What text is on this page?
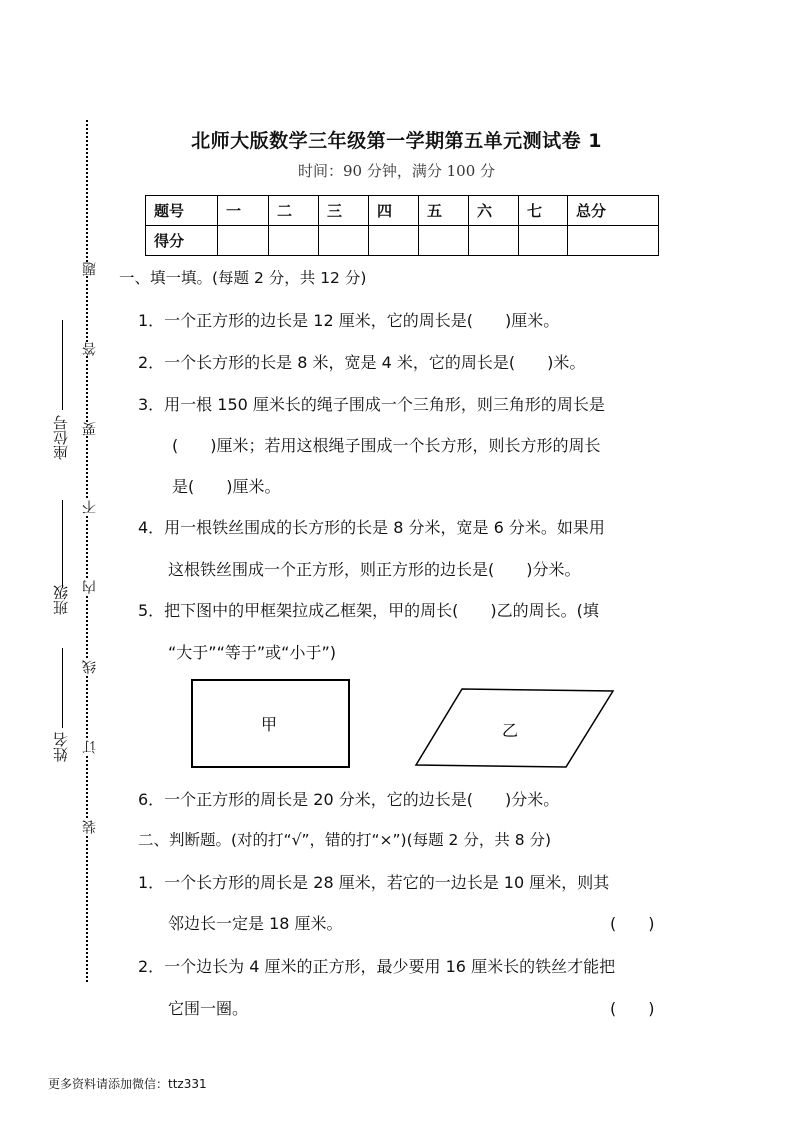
北师大版数学三年级第一学期第五单元测试卷 1
时间：90 分钟，满分 100 分
题号	一	二	三	四	五	六	七	总分
得分								
一、填一填。(每题 2 分，共 12 分)
1．一个正方形的边长是 12 厘米，它的周长是(　　)厘米。
2．一个长方形的长是 8 米，宽是 4 米，它的周长是(　　)米。
3．用一根 150 厘米长的绳子围成一个三角形，则三角形的周长是
(　　)厘米；若用这根绳子围成一个长方形，则长方形的周长
是(　　)厘米。
4．用一根铁丝围成的长方形的长是 8 分米，宽是 6 分米。如果用
这根铁丝围成一个正方形，则正方形的边长是(　　)分米。
5．把下图中的甲框架拉成乙框架，甲的周长(　　)乙的周长。(填
“大于”“等于”或“小于”)
甲	乙
6．一个正方形的周长是 20 分米，它的边长是(　　)分米。
二、判断题。(对的打“√”，错的打“×”)(每题 2 分，共 8 分)
1．一个长方形的周长是 28 厘米，若它的一边长是 10 厘米，则其
邻边长一定是 18 厘米。	(　　)
2．一个边长为 4 厘米的正方形，最少要用 16 厘米长的铁丝才能把
它围一圈。	(　　)
座位号
班级
姓名
题
答
要
不
内
线
订
装
更多资料请添加微信：ttz331
